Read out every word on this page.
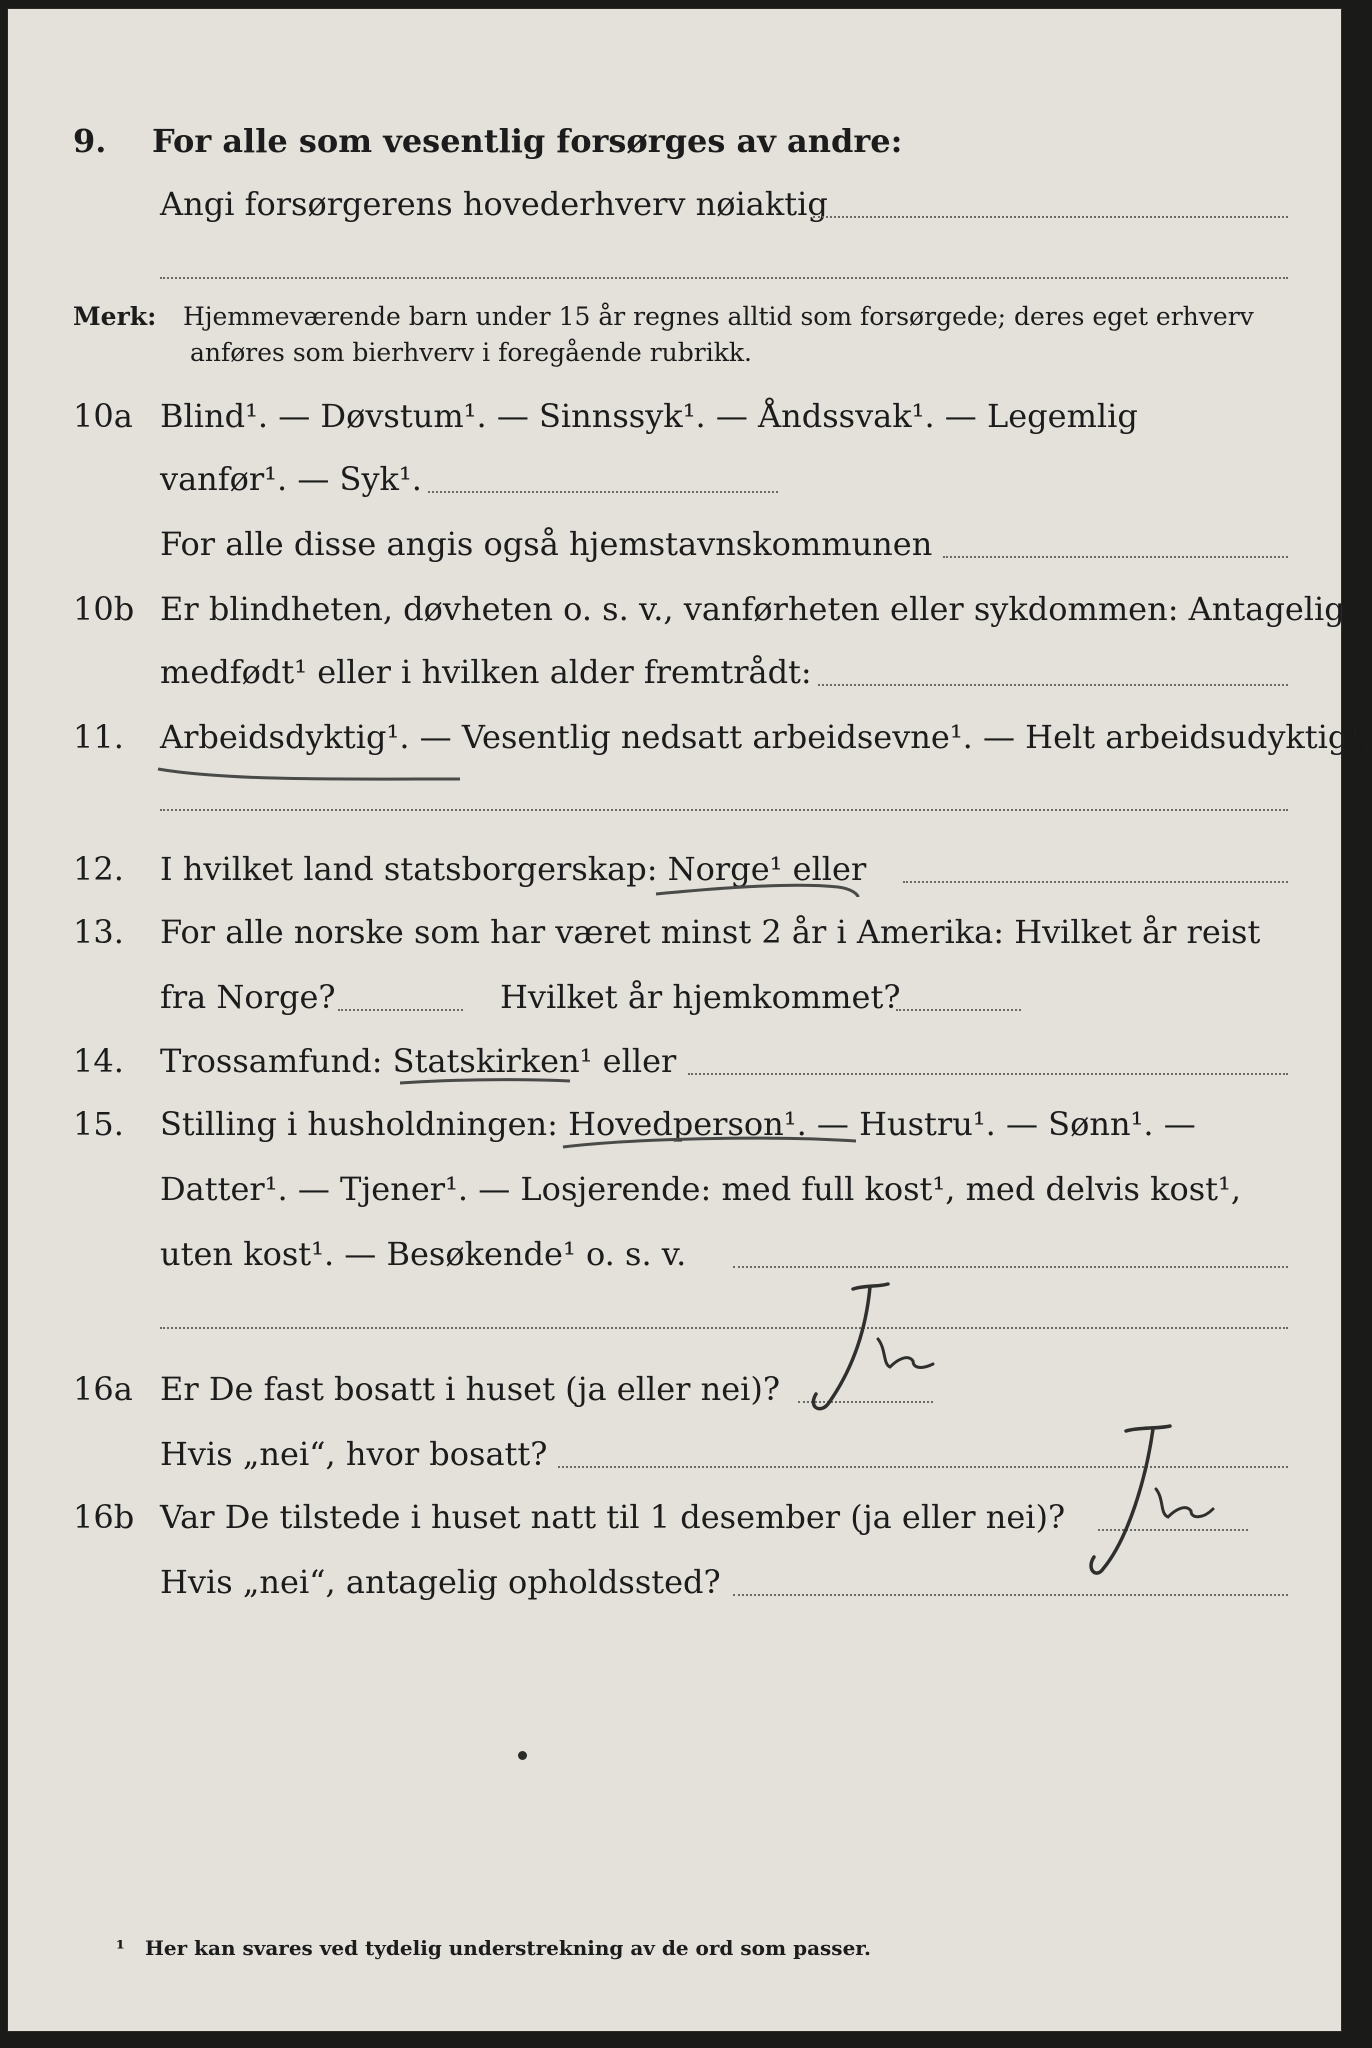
9. For alle som vesentlig forsørges av andre:
Angi forsørgerens hovederhverv nøiaktig
Merk: Hjemmeværende barn under 15 år regnes alltid som forsørgede; deres eget erhverv
anføres som bierhverv i foregående rubrikk.
10a Blind¹. — Døvstum¹. — Sinnssyk¹. — Åndssvak¹. — Legemlig
vanfør¹. — Syk¹.
For alle disse angis også hjemstavnskommunen
10b Er blindheten, døvheten o. s. v., vanførheten eller sykdommen: Antagelig
medfødt¹ eller i hvilken alder fremtrådt:
11. Arbeidsdyktig¹. — Vesentlig nedsatt arbeidsevne¹. — Helt arbeidsudyktig¹.
12. I hvilket land statsborgerskap: Norge¹ eller
13. For alle norske som har været minst 2 år i Amerika: Hvilket år reist
fra Norge?	Hvilket år hjemkommet?
14. Trossamfund: Statskirken¹ eller
15. Stilling i husholdningen: Hovedperson¹. — Hustru¹. — Sønn¹. —
Datter¹. — Tjener¹. — Losjerende: med full kost¹, med delvis kost¹,
uten kost¹. — Besøkende¹ o. s. v.
16a Er De fast bosatt i huset (ja eller nei)?
Hvis „nei“, hvor bosatt?
16b Var De tilstede i huset natt til 1 desember (ja eller nei)?
Hvis „nei“, antagelig opholdssted?
¹ Her kan svares ved tydelig understrekning av de ord som passer.
